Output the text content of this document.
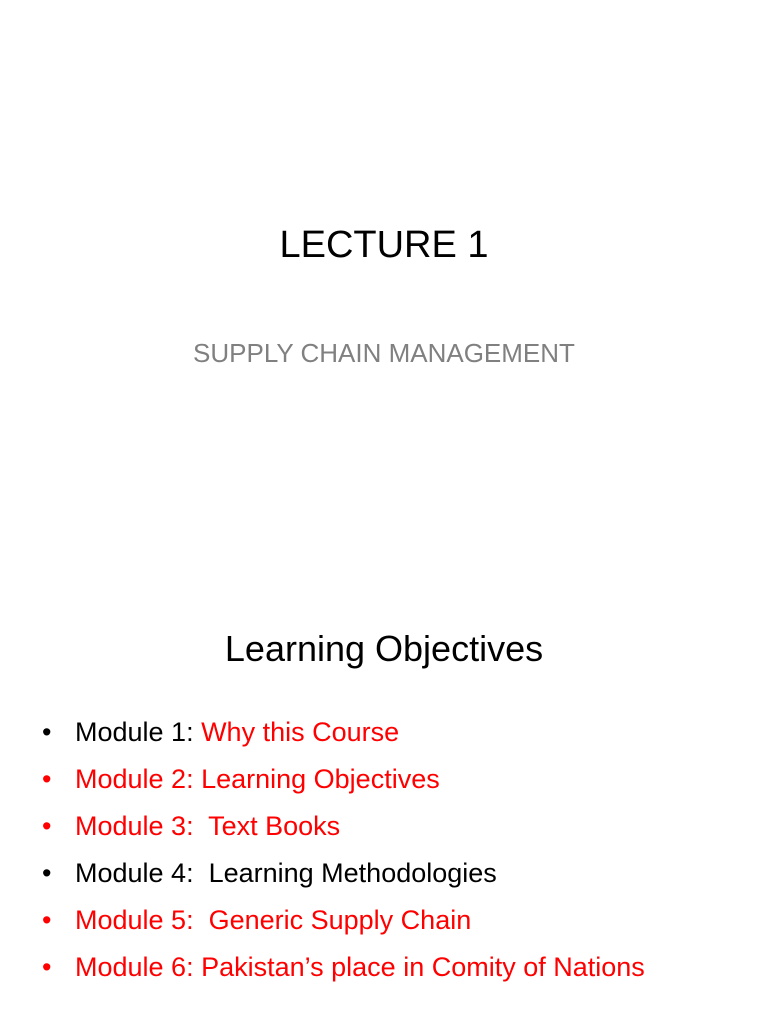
LECTURE 1
SUPPLY CHAIN MANAGEMENT
Learning Objectives
• Module 1: Why this Course
• Module 2: Learning Objectives
• Module 3:  Text Books
• Module 4:  Learning Methodologies
• Module 5:  Generic Supply Chain
• Module 6: Pakistan’s place in Comity of Nations
